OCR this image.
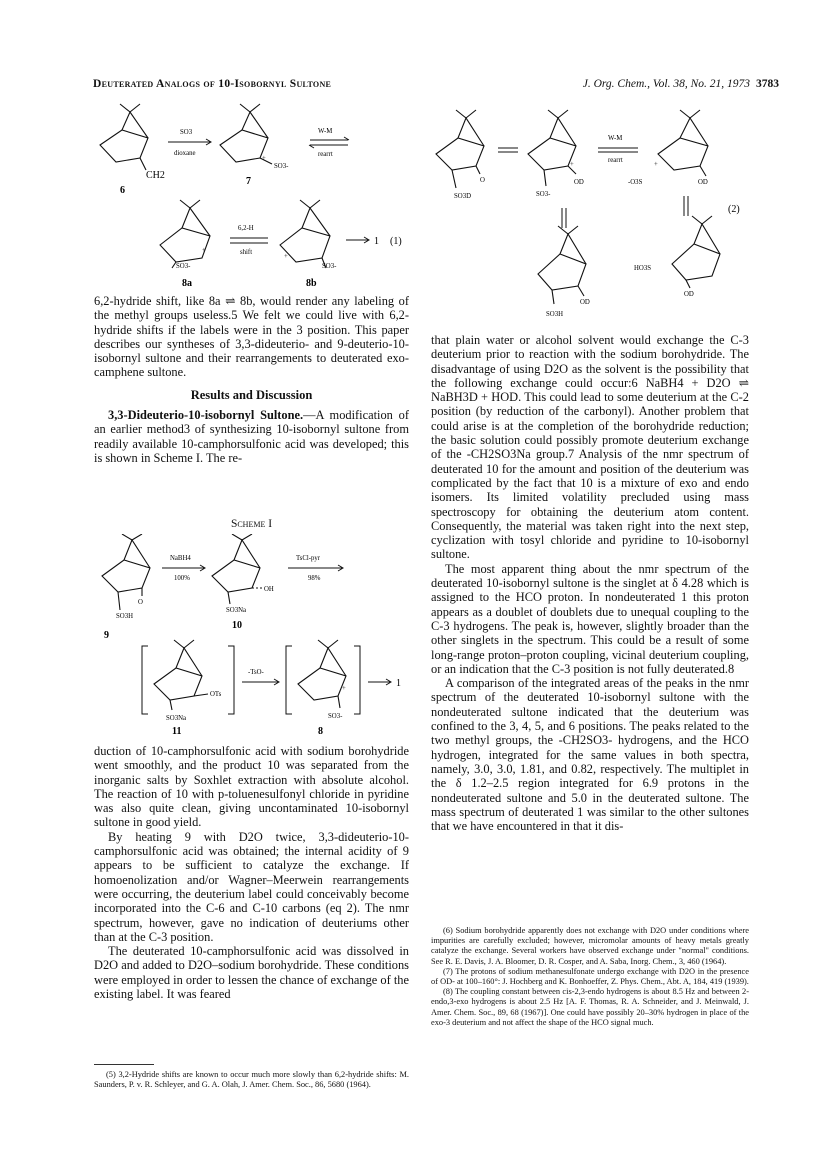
Deuterated Analogs of 10-Isobornyl Sultone	J. Org. Chem., Vol. 38, No. 21, 1973 3783
CH2
6
SO3
dioxane
+
SO3-
7
W-M
rearrt
+
SO3-
8a
6,2-H
shift
+
SO3-
8b
1 (1)
O
SO3D
+
OD
SO3-
W-M
rearrt
+
-O3S	OD
(2)
OD
SO3H
HO3S
OD

6,2-hydride shift, like 8a ⇌ 8b, would render any labeling of the methyl groups useless.5 We felt we could live with 6,2-hydride shifts if the labels were in the 3 position. This paper describes our syntheses of 3,3-dideuterio- and 9-deuterio-10-isobornyl sultone and their rearrangements to deuterated exo-camphene sultone.

Results and Discussion

3,3-Dideuterio-10-isobornyl Sultone.—A modification of an earlier method3 of synthesizing 10-isobornyl sultone from readily available 10-camphorsulfonic acid was developed; this is shown in Scheme I. The re-

Scheme I
O
SO3H
9
NaBH4
100%
OH
SO3Na
10
TsCl-pyr
98%
OTs
SO3Na
11
-TsO-
+
SO3-
8
1

duction of 10-camphorsulfonic acid with sodium borohydride went smoothly, and the product 10 was separated from the inorganic salts by Soxhlet extraction with absolute alcohol. The reaction of 10 with p-toluenesulfonyl chloride in pyridine was also quite clean, giving uncontaminated 10-isobornyl sultone in good yield.

By heating 9 with D2O twice, 3,3-dideuterio-10-camphorsulfonic acid was obtained; the internal acidity of 9 appears to be sufficient to catalyze the exchange. If homoenolization and/or Wagner–Meerwein rearrangements were occurring, the deuterium label could conceivably become incorporated into the C-6 and C-10 carbons (eq 2). The nmr spectrum, however, gave no indication of deuteriums other than at the C-3 position.

The deuterated 10-camphorsulfonic acid was dissolved in D2O and added to D2O–sodium borohydride. These conditions were employed in order to lessen the chance of exchange of the existing label. It was feared

(5) 3,2-Hydride shifts are known to occur much more slowly than 6,2-hydride shifts: M. Saunders, P. v. R. Schleyer, and G. A. Olah, J. Amer. Chem. Soc., 86, 5680 (1964).

that plain water or alcohol solvent would exchange the C-3 deuterium prior to reaction with the sodium borohydride. The disadvantage of using D2O as the solvent is the possibility that the following exchange could occur:6 NaBH4 + D2O ⇌ NaBH3D + HOD. This could lead to some deuterium at the C-2 position (by reduction of the carbonyl). Another problem that could arise is at the completion of the borohydride reduction; the basic solution could possibly promote deuterium exchange of the -CH2SO3Na group.7 Analysis of the nmr spectrum of deuterated 10 for the amount and position of the deuterium was complicated by the fact that 10 is a mixture of exo and endo isomers. Its limited volatility precluded using mass spectroscopy for obtaining the deuterium atom content. Consequently, the material was taken right into the next step, cyclization with tosyl chloride and pyridine to 10-isobornyl sultone.

The most apparent thing about the nmr spectrum of the deuterated 10-isobornyl sultone is the singlet at δ 4.28 which is assigned to the HCO proton. In nondeuterated 1 this proton appears as a doublet of doublets due to unequal coupling to the C-3 hydrogens. The peak is, however, slightly broader than the other singlets in the spectrum. This could be a result of some long-range proton–proton coupling, vicinal deuterium coupling, or an indication that the C-3 position is not fully deuterated.8

A comparison of the integrated areas of the peaks in the nmr spectrum of the deuterated 10-isobornyl sultone with the nondeuterated sultone indicated that the deuterium was confined to the 3, 4, 5, and 6 positions. The peaks related to the two methyl groups, the -CH2SO3- hydrogens, and the HCO hydrogen, integrated for the same values in both spectra, namely, 3.0, 3.0, 1.81, and 0.82, respectively. The multiplet in the δ 1.2–2.5 region integrated for 6.9 protons in the nondeuterated sultone and 5.0 in the deuterated sultone. The mass spectrum of deuterated 1 was similar to the other sultones that we have encountered in that it dis-

(6) Sodium borohydride apparently does not exchange with D2O under conditions where impurities are carefully excluded; however, micromolar amounts of heavy metals greatly catalyze the exchange. Several workers have observed exchange under "normal" conditions. See R. E. Davis, J. A. Bloomer, D. R. Cosper, and A. Saba, Inorg. Chem., 3, 460 (1964).

(7) The protons of sodium methanesulfonate undergo exchange with D2O in the presence of OD- at 100–160°: J. Hochberg and K. Bonhoeffer, Z. Phys. Chem., Abt. A, 184, 419 (1939).

(8) The coupling constant between cis-2,3-endo hydrogens is about 8.5 Hz and between 2-endo,3-exo hydrogens is about 2.5 Hz [A. F. Thomas, R. A. Schneider, and J. Meinwald, J. Amer. Chem. Soc., 89, 68 (1967)]. One could have possibly 20–30% hydrogen in place of the exo-3 deuterium and not affect the shape of the HCO signal much.
